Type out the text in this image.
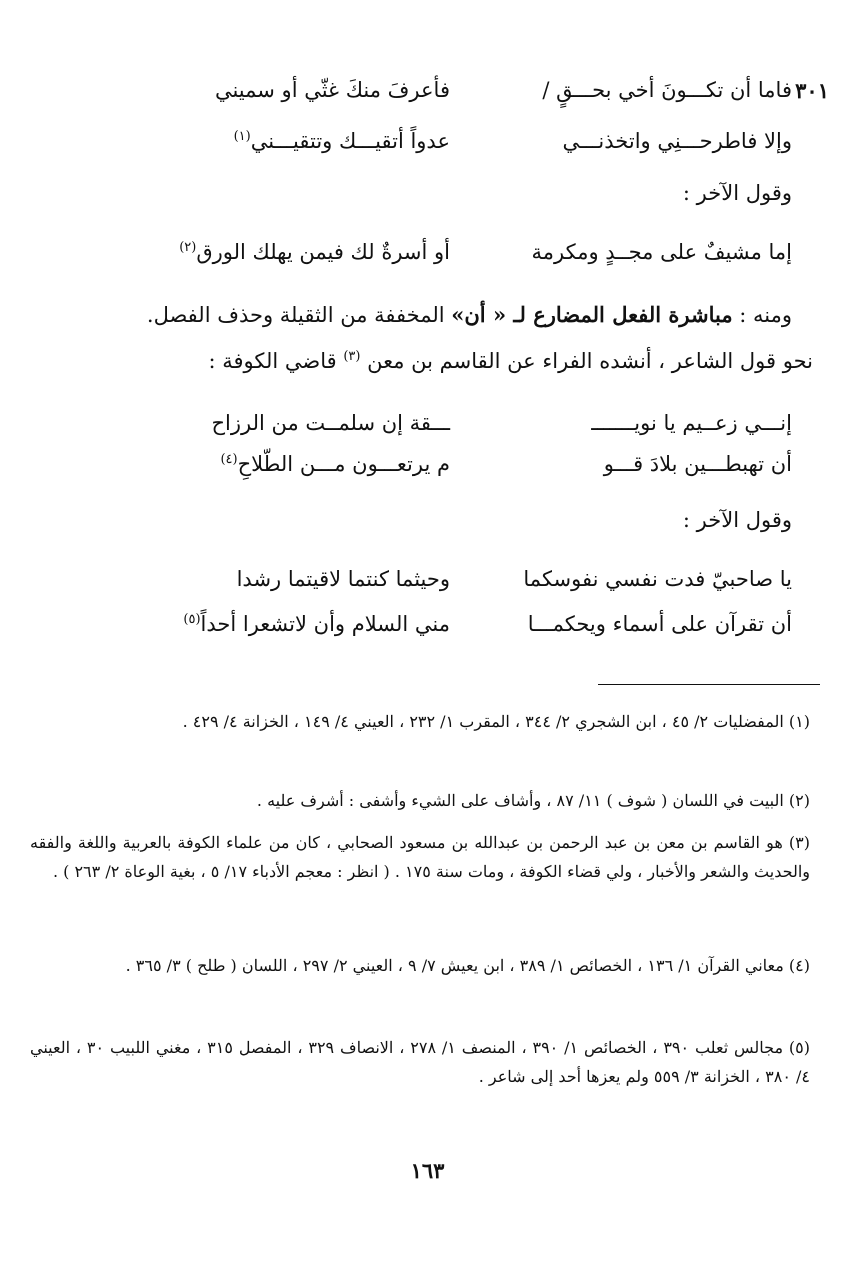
٣٠١
فاما أن تكـــونَ أخي بحـــقٍ /
فأعرفَ منكَ غثّي أو سميني
وإلا فاطرحـــنِي واتخذنـــي
عدواً أتقيـــك وتتقيـــني$^{(١)}$
وقول الآخر :
إما مشيفٌ على مجــدٍ ومكرمة
أو أسرةٌ لك فيمن يهلك الورق$^{(٢)}$
ومنه : مباشرة الفعل المضارع لـ « أن» المخففة من الثقيلة وحذف الفصل.
نحو قول الشاعر ، أنشده الفراء عن القاسم بن معن $^{(٣)}$ قاضي الكوفة :
إنـــي زعــيم يا نويـــــــ
ـــقة إن سلمــت من الرزاح
أن تهبطـــين بلادَ قـــو
م يرتعـــون مـــن الطّلاحِ$^{(٤)}$
وقول الآخر :
يا صاحبيّ فدت نفسي نفوسكما
وحيثما كنتما لاقيتما رشدا
أن تقرآن على أسماء ويحكمـــا
مني السلام وأن لاتشعرا أحداً$^{(٥)}$
(١) المفضليات ٢/ ٤٥ ، ابن الشجري ٢/ ٣٤٤ ، المقرب ١/ ٢٣٢ ، العيني ٤/ ١٤٩ ، الخزانة ٤/ ٤٢٩ .
(٢) البيت في اللسان ( شوف ) ١١/ ٨٧ ، وأشاف على الشيء وأشفى : أشرف عليه .
(٣) هو القاسم بن معن بن عبد الرحمن بن عبدالله بن مسعود الصحابي ، كان من علماء الكوفة بالعربية واللغة والفقه والحديث والشعر والأخبار ، ولي قضاء الكوفة ، ومات سنة ١٧٥ . ( انظر : معجم الأدباء ١٧/ ٥ ، بغية الوعاة ٢/ ٢٦٣ ) .
(٤) معاني القرآن ١/ ١٣٦ ، الخصائص ١/ ٣٨٩ ، ابن يعيش ٧/ ٩ ، العيني ٢/ ٢٩٧ ، اللسان ( طلح ) ٣/ ٣٦٥ .
(٥) مجالس ثعلب ٣٩٠ ، الخصائص ١/ ٣٩٠ ، المنصف ١/ ٢٧٨ ، الانصاف ٣٢٩ ، المفصل ٣١٥ ، مغني اللبيب ٣٠ ، العيني ٤/ ٣٨٠ ، الخزانة ٣/ ٥٥٩ ولم يعزها أحد إلى شاعر .
١٦٣
